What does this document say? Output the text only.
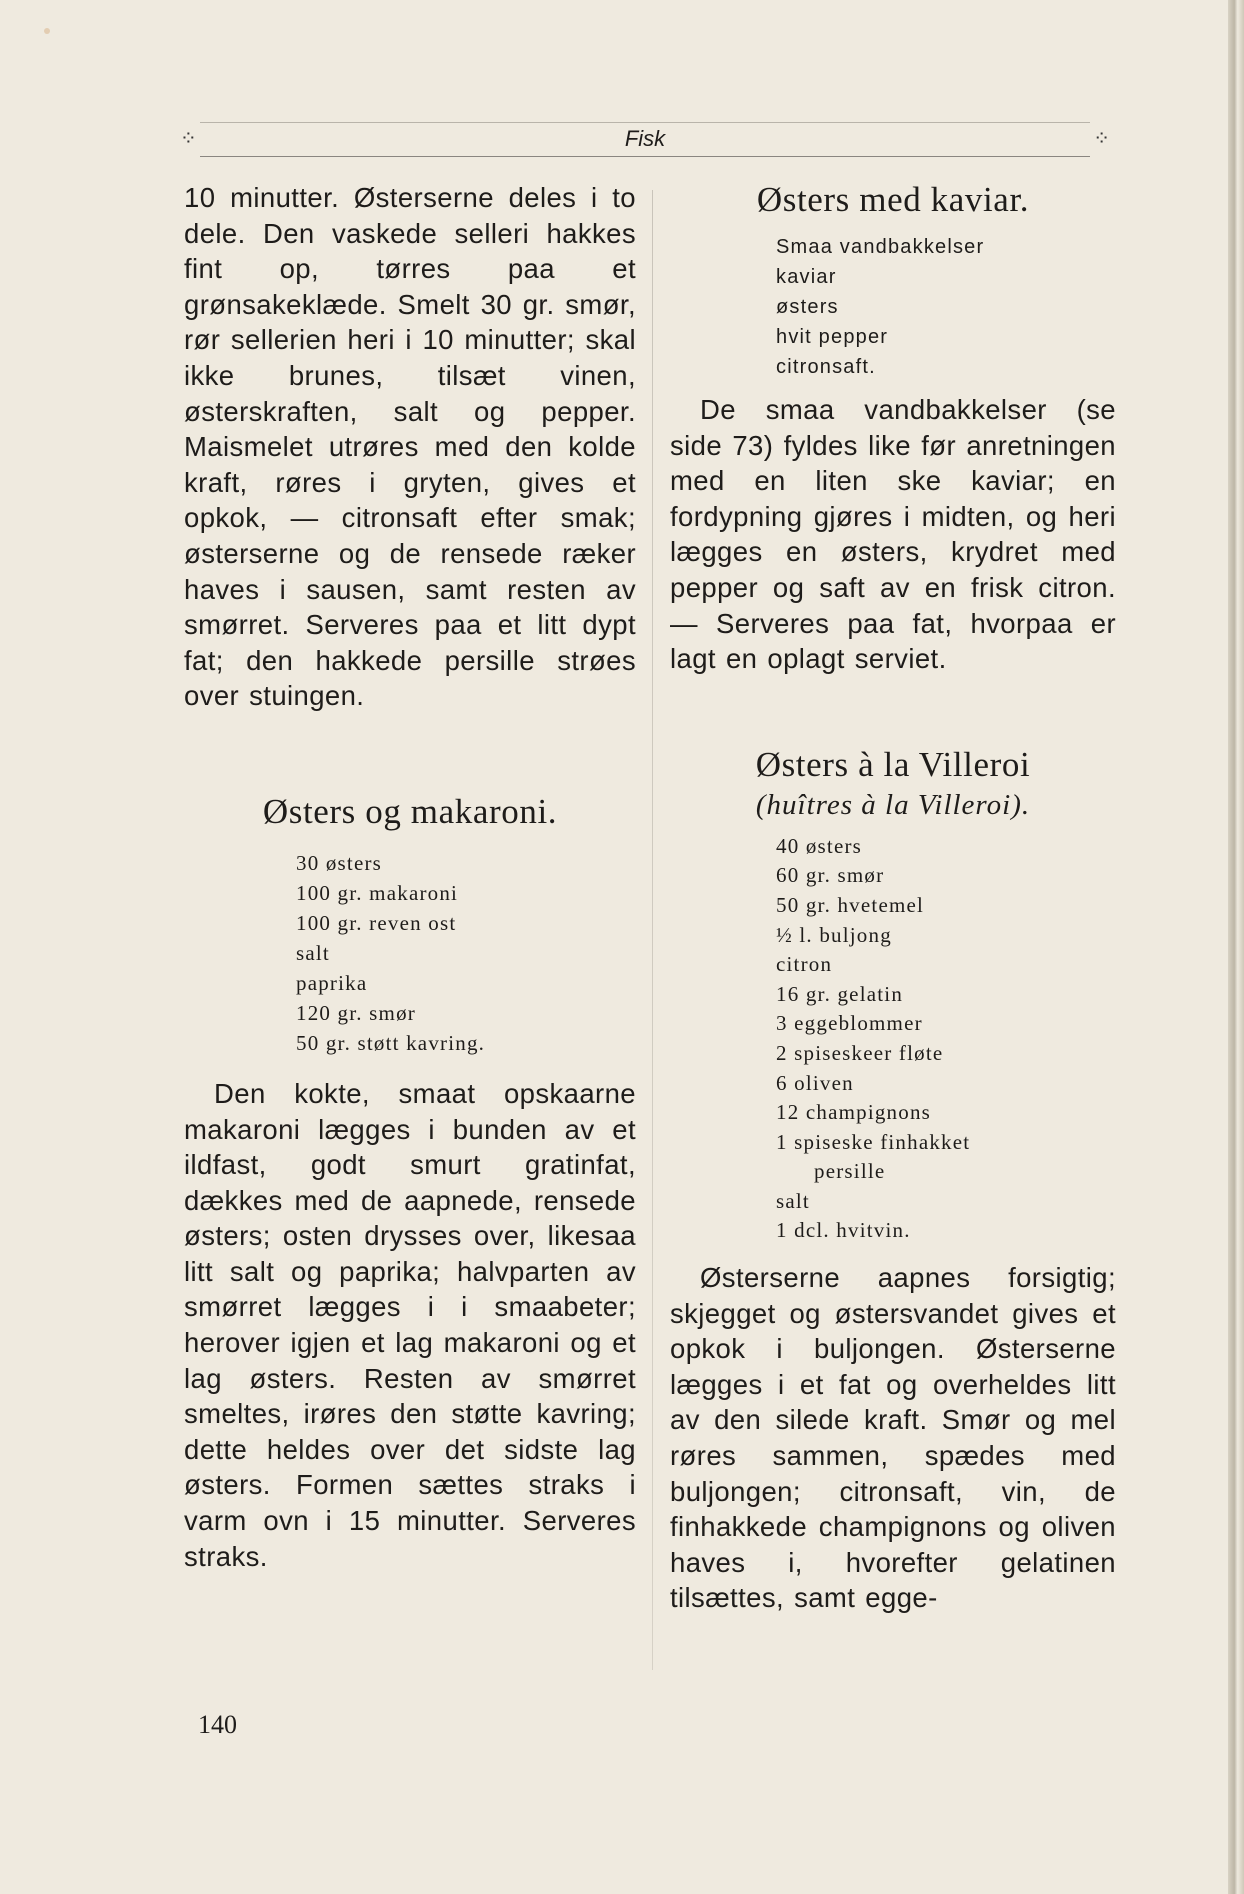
⁘	Fisk	⁘

10 minutter. Østerserne deles i to dele. Den vaskede selleri hakkes fint op, tørres paa et grønsakeklæde. Smelt 30 gr. smør, rør sellerien heri i 10 minutter; skal ikke brunes, tilsæt vinen, østerskraften, salt og pepper. Maismelet utrøres med den kolde kraft, røres i gryten, gives et opkok, — citronsaft efter smak; østerserne og de rensede ræker haves i sausen, samt resten av smørret. Serveres paa et litt dypt fat; den hakkede persille strøes over stuingen.

Østers og makaroni.
30 østers
100 gr. makaroni
100 gr. reven ost
salt
paprika
120 gr. smør
50 gr. støtt kavring.

Den kokte, smaat opskaarne makaroni lægges i bunden av et ildfast, godt smurt gratinfat, dækkes med de aapnede, rensede østers; osten drysses over, likesaa litt salt og paprika; halvparten av smørret lægges i i smaabeter; herover igjen et lag makaroni og et lag østers. Resten av smørret smeltes, irøres den støtte kavring; dette heldes over det sidste lag østers. Formen sættes straks i varm ovn i 15 minutter. Serveres straks.

Østers med kaviar.
Smaa vandbakkelser
kaviar
østers
hvit pepper
citronsaft.

De smaa vandbakkelser (se side 73) fyldes like før anretningen med en liten ske kaviar; en fordypning gjøres i midten, og heri lægges en østers, krydret med pepper og saft av en frisk citron. — Serveres paa fat, hvorpaa er lagt en oplagt serviet.

Østers à la Villeroi

(huîtres à la Villeroi).

40 østers
60 gr. smør
50 gr. hvetemel
½ l. buljong
citron
16 gr. gelatin
3 eggeblommer
2 spiseskeer fløte
6 oliven
12 champignons
1 spiseske finhakket
persille
salt
1 dcl. hvitvin.

Østerserne aapnes forsigtig; skjegget og østersvandet gives et opkok i buljongen. Østerserne lægges i et fat og overheldes litt av den silede kraft. Smør og mel røres sammen, spædes med buljongen; citronsaft, vin, de finhakkede champignons og oliven haves i, hvorefter gelatinen tilsættes, samt egge-

140
